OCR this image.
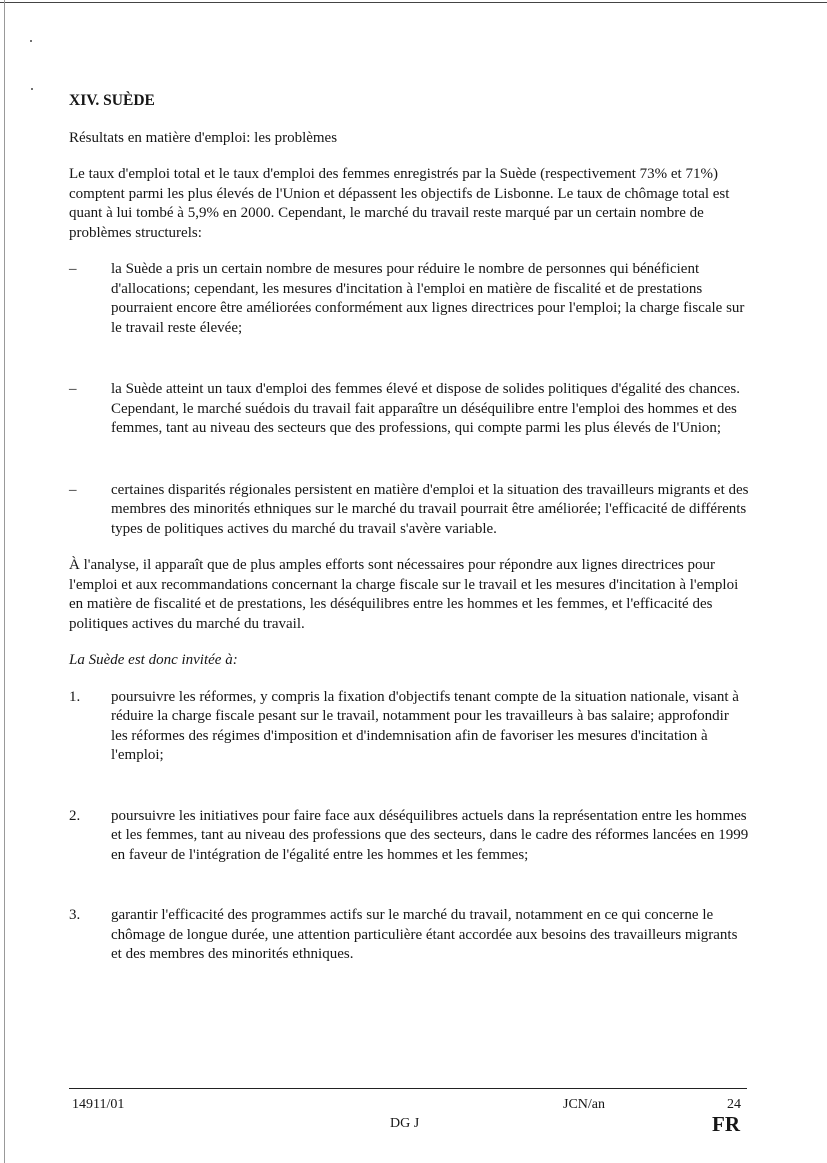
XIV. SUÈDE
Résultats en matière d'emploi: les problèmes
Le taux d'emploi total et le taux d'emploi des femmes enregistrés par la Suède (respectivement 73% et 71%) comptent parmi les plus élevés de l'Union et dépassent les objectifs de Lisbonne. Le taux de chômage total est quant à lui tombé à 5,9% en 2000. Cependant, le marché du travail reste marqué par un certain nombre de problèmes structurels:
–	la Suède a pris un certain nombre de mesures pour réduire le nombre de personnes qui bénéficient d'allocations; cependant, les mesures d'incitation à l'emploi en matière de fiscalité et de prestations pourraient encore être améliorées conformément aux lignes directrices pour l'emploi; la charge fiscale sur le travail reste élevée;
–	la Suède atteint un taux d'emploi des femmes élevé et dispose de solides politiques d'égalité des chances. Cependant, le marché suédois du travail fait apparaître un déséquilibre entre l'emploi des hommes et des femmes, tant au niveau des secteurs que des professions, qui compte parmi les plus élevés de l'Union;
–	certaines disparités régionales persistent en matière d'emploi et la situation des travailleurs migrants et des membres des minorités ethniques sur le marché du travail pourrait être améliorée; l'efficacité de différents types de politiques actives du marché du travail s'avère variable.
À l'analyse, il apparaît que de plus amples efforts sont nécessaires pour répondre aux lignes directrices pour l'emploi et aux recommandations concernant la charge fiscale sur le travail et les mesures d'incitation à l'emploi en matière de fiscalité et de prestations, les déséquilibres entre les hommes et les femmes, et l'efficacité des politiques actives du marché du travail.
La Suède est donc invitée à:
1.	poursuivre les réformes, y compris la fixation d'objectifs tenant compte de la situation nationale, visant à réduire la charge fiscale pesant sur le travail, notamment pour les travailleurs à bas salaire; approfondir les réformes des régimes d'imposition et d'indemnisation afin de favoriser les mesures d'incitation à l'emploi;
2.	poursuivre les initiatives pour faire face aux déséquilibres actuels dans la représentation entre les hommes et les femmes, tant au niveau des professions que des secteurs, dans le cadre des réformes lancées en 1999 en faveur de l'intégration de l'égalité entre les hommes et les femmes;
3.	garantir l'efficacité des programmes actifs sur le marché du travail, notamment en ce qui concerne le chômage de longue durée, une attention particulière étant accordée aux besoins des travailleurs migrants et des membres des minorités ethniques.
14911/01	JCN/an	24
DG J	FR
